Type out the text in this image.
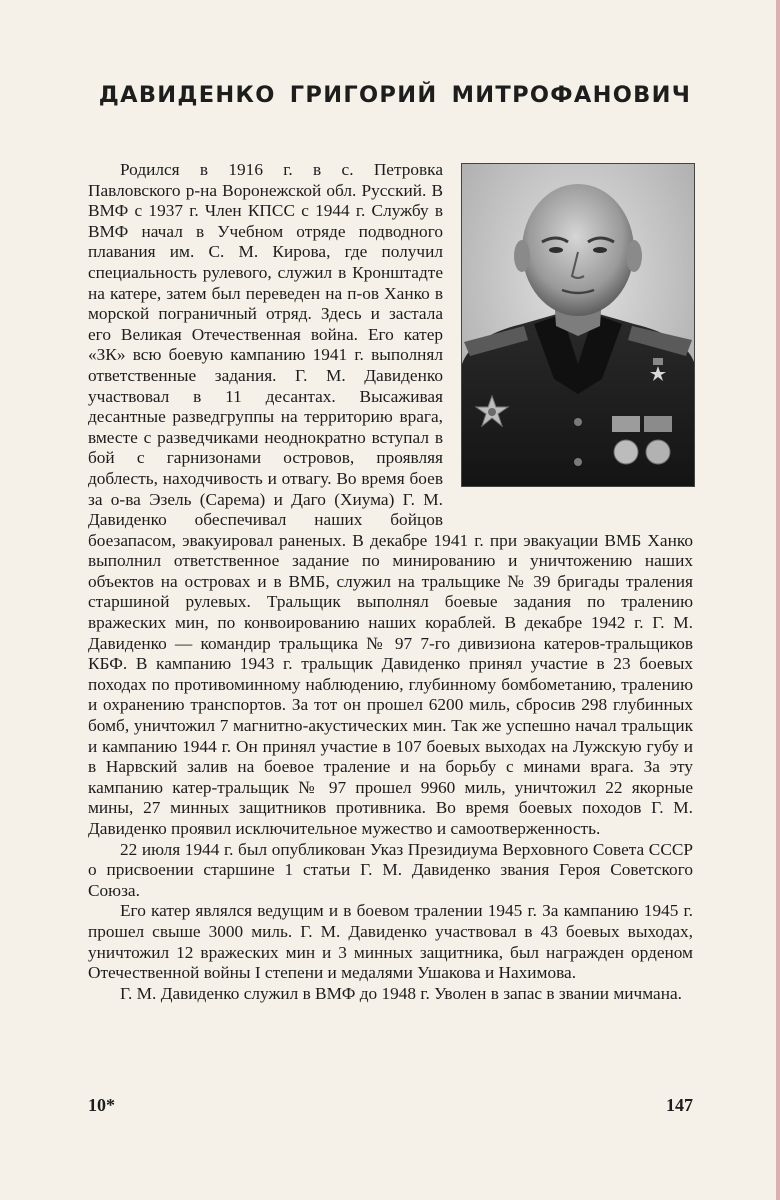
ДАВИДЕНКО ГРИГОРИЙ МИТРОФАНОВИЧ

Родился в 1916 г. в с. Петровка Павловского р-на Воронежской обл. Русский. В ВМФ с 1937 г. Член КПСС с 1944 г. Службу в ВМФ начал в Учебном отряде подводного плавания им. С. М. Кирова, где получил специальность рулевого, служил в Кронштадте на катере, затем был переведен на п-ов Ханко в морской пограничный отряд. Здесь и застала его Великая Отечественная война. Его катер «ЗК» всю боевую кампанию 1941 г. выполнял ответственные задания. Г. М. Давиденко участвовал в 11 десантах. Высаживая десантные разведгруппы на территорию врага, вместе с разведчиками неоднократно вступал в бой с гарнизонами островов, проявляя доблесть, находчивость и отвагу. Во время боев за о-ва Эзель (Сарема) и Даго (Хиума) Г. М. Давиденко обеспечивал наших бойцов боезапасом, эвакуировал раненых. В декабре 1941 г. при эвакуации ВМБ Ханко выполнил ответственное задание по минированию и уничтожению наших объектов на островах и в ВМБ, служил на тральщике № 39 бригады траления старшиной рулевых. Тральщик выполнял боевые задания по тралению вражеских мин, по конвоированию наших кораблей. В декабре 1942 г. Г. М. Давиденко — командир тральщика № 97 7-го дивизиона катеров-тральщиков КБФ. В кампанию 1943 г. тральщик Давиденко принял участие в 23 боевых походах по противоминному наблюдению, глубинному бомбометанию, тралению и охранению транспортов. За тот он прошел 6200 миль, сбросив 298 глубинных бомб, уничтожил 7 магнитно-акустических мин. Так же успешно начал тральщик и кампанию 1944 г. Он принял участие в 107 боевых выходах на Лужскую губу и в Нарвский залив на боевое траление и на борьбу с минами врага. За эту кампанию катер-тральщик № 97 прошел 9960 миль, уничтожил 22 якорные мины, 27 минных защитников противника. Во время боевых походов Г. М. Давиденко проявил исключительное мужество и самоотверженность.

22 июля 1944 г. был опубликован Указ Президиума Верховного Совета СССР о присвоении старшине 1 статьи Г. М. Давиденко звания Героя Советского Союза.

Его катер являлся ведущим и в боевом тралении 1945 г. За кампанию 1945 г. прошел свыше 3000 миль. Г. М. Давиденко участвовал в 43 боевых выходах, уничтожил 12 вражеских мин и 3 минных защитника, был награжден орденом Отечественной войны I степени и медалями Ушакова и Нахимова.

Г. М. Давиденко служил в ВМФ до 1948 г. Уволен в запас в звании мичмана.

10*	147
